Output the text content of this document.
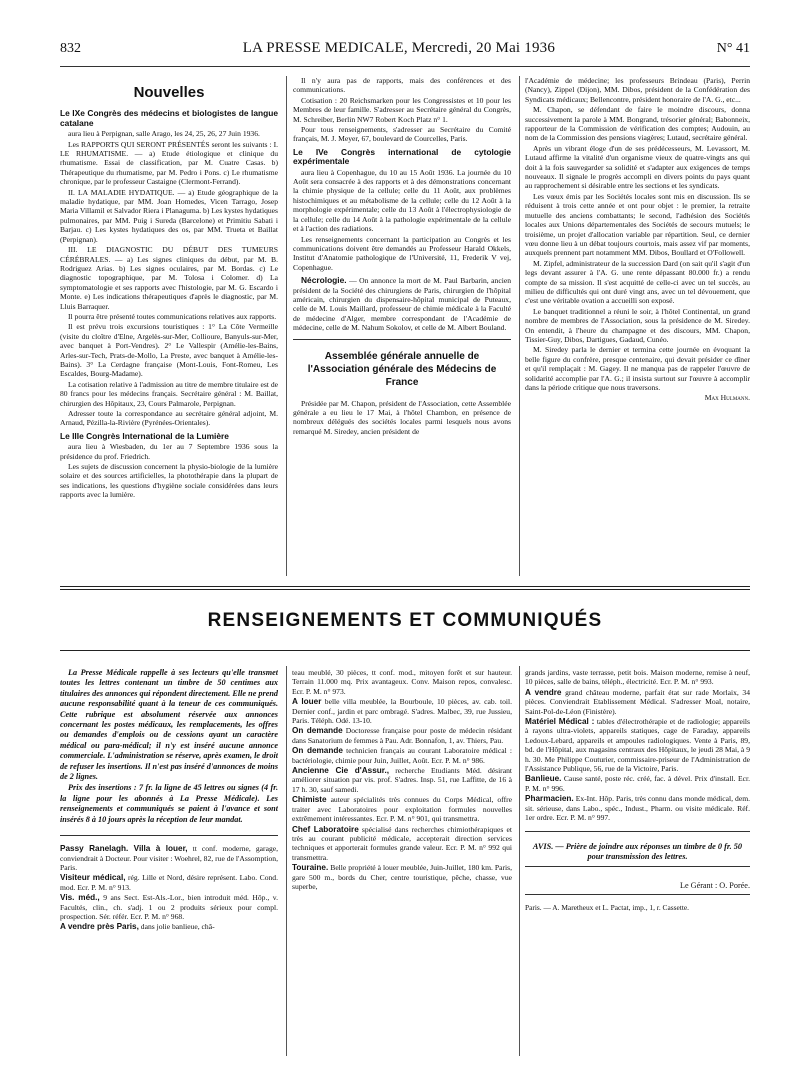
832	LA PRESSE MEDICALE, Mercredi, 20 Mai 1936	N° 41
Nouvelles

Le IXe Congrès des médecins et biologistes de langue catalane

aura lieu à Perpignan, salle Arago, les 24, 25, 26, 27 Juin 1936.

Les RAPPORTS QUI SERONT PRÉSENTÉS seront les suivants : I. LE RHUMATISME. — a) Etude étiologique et clinique du rhumatisme. Essai de classification, par M. Cuatre Casas. b) Thérapeutique du rhumatisme, par M. Pedro i Pons. c) Le rhumatisme chronique, par le professeur Castaigne (Clermont-Ferrand).

II. LA MALADIE HYDATIQUE. — a) Etude géographique de la maladie hydatique, par MM. Joan Homedes, Vicen Tarrago, Josep Maria Villamil et Salvador Riera i Planaguma. b) Les kystes hydatiques pulmonaires, par MM. Puig i Sureda (Barcelone) et Primitiu Sabati i Barjau. c) Les kystes hydatiques des os, par MM. Trueta et Baillat (Perpignan).

III. LE DIAGNOSTIC DU DÉBUT DES TUMEURS CÉRÉBRALES. — a) Les signes cliniques du début, par M. B. Rodriguez Arias. b) Les signes oculaires, par M. Bordas. c) Le diagnostic topographique, par M. Tolosa i Colomer. d) La symptomatologie et ses rapports avec l'histologie, par M. G. Escardo i Monte. e) Les indications thérapeutiques d'après le diagnostic, par M. Lluis Barraquer.

Il pourra être présenté toutes communications relatives aux rapports.

Il est prévu trois excursions touristiques : 1° La Côte Vermeille (visite du cloître d'Elne, Argelès-sur-Mer, Collioure, Banyuls-sur-Mer, avec banquet à Port-Vendres). 2° Le Vallespir (Amélie-les-Bains, Arles-sur-Tech, Prats-de-Mollo, La Preste, avec banquet à Amélie-les-Bains). 3° La Cerdagne française (Mont-Louis, Font-Romeu, Les Escaldes, Bourg-Madame).

La cotisation relative à l'admission au titre de membre titulaire est de 80 francs pour les médecins français. Secrétaire général : M. Baillat, chirurgien des Hôpitaux, 23, Cours Palmarole, Perpignan.

Adresser toute la correspondance au secrétaire général adjoint, M. Arnaud, Pézilla-la-Rivière (Pyrénées-Orientales).

Le IIIe Congrès International de la Lumière

aura lieu à Wiesbaden, du 1er au 7 Septembre 1936 sous la présidence du prof. Friedrich.

Les sujets de discussion concernent la physio-biologie de la lumière solaire et des sources artificielles, la photothérapie dans la plupart de ses indications, les questions d'hygiène sociale considérées dans leurs rapports avec la lumière.

Il n'y aura pas de rapports, mais des conférences et des communications.

Cotisation : 20 Reichsmarken pour les Congressistes et 10 pour les Membres de leur famille. S'adresser au Secrétaire général du Congrès, M. Schreiber, Berlin NW7 Robert Koch Platz n° 1.

Pour tous renseignements, s'adresser au Secrétaire du Comité français, M. J. Meyer, 67, boulevard de Courcelles, Paris.

Le IVe Congrès international de cytologie expérimentale

aura lieu à Copenhague, du 10 au 15 Août 1936. La journée du 10 Août sera consacrée à des rapports et à des démonstrations concernant la chimie physique de la cellule; celle du 11 Août, aux problèmes histochimiques et au métabolisme de la cellule; celle du 12 Août à la morphologie expérimentale; celle du 13 Août à l'électrophysiologie de la cellule; celle du 14 Août à la pathologie expérimentale de la cellule et à l'action des radiations.

Les renseignements concernant la participation au Congrès et les communications doivent être demandés au Professeur Harald Okkels, Institut d'Anatomie pathologique de l'Université, 11, Frederik V vej, Copenhague.

Nécrologie. — On annonce la mort de M. Paul Barbarin, ancien président de la Société des chirurgiens de Paris, chirurgien de l'hôpital américain, chirurgien du dispensaire-hôpital municipal de Puteaux, celle de M. Louis Maillard, professeur de chimie médicale à la Faculté de médecine d'Alger, membre correspondant de l'Académie de médecine, celle de M. Nahum Sokolov, et celle de M. Albert Bouland.

Assemblée générale annuelle de l'Association générale des Médecins de France

Présidée par M. Chapon, président de l'Association, cette Assemblée générale a eu lieu le 17 Mai, à l'hôtel Chambon, en présence de nombreux délégués des sociétés locales parmi lesquels nous avons remarqué M. Siredey, ancien président de

l'Académie de médecine; les professeurs Brindeau (Paris), Perrin (Nancy), Zippel (Dijon), MM. Dibos, président de la Confédération des Syndicats médicaux; Bellencontre, président honoraire de l'A. G., etc...

M. Chapon, se défendant de faire le moindre discours, donna successivement la parole à MM. Bongrand, trésorier général; Babonneix, rapporteur de la Commission de vérification des comptes; Audouin, au nom de la Commission des pensions viagères; Lutaud, secrétaire général.

Après un vibrant éloge d'un de ses prédécesseurs, M. Levassort, M. Lutaud affirme la vitalité d'un organisme vieux de quatre-vingts ans qui doit à la fois sauvegarder sa solidité et s'adapter aux exigences de temps nouveaux. Il signale le progrès accompli en divers points du pays quant au rapprochement si désirable entre les sections et les syndicats.

Les vœux émis par les Sociétés locales sont mis en discussion. Ils se réduisent à trois cette année et ont pour objet : le premier, la retraite mutuelle des anciens combattants; le second, l'adhésion des Sociétés locales aux Unions départementales des Sociétés de secours mutuels; le troisième, un projet d'allocation variable par répartition. Seul, ce dernier vœu donne lieu à un débat toujours courtois, mais assez vif par moments, auxquels prennent part notamment MM. Dibos, Boullard et O'Followell.

M. Zipfel, administrateur de la succession Dard (on sait qu'il s'agit d'un legs devant assurer à l'A. G. une rente dépassant 80.000 fr.) a rendu compte de sa mission. Il s'est acquitté de celle-ci avec un tel succès, au milieu de difficultés qui ont duré vingt ans, avec un tel dévouement, que c'est une véritable ovation a accueilli son exposé.

Le banquet traditionnel a réuni le soir, à l'hôtel Continental, un grand nombre de membres de l'Association, sous la présidence de M. Siredey. On entendit, à l'heure du champagne et des discours, MM. Chapon, Tissier-Guy, Dibos, Dartigues, Gadaud, Cunéo.

M. Siredey parla le dernier et termina cette journée en évoquant la belle figure du confrère, presque centenaire, qui devait présider ce dîner et qu'il remplaçait : M. Gagey. Il ne manqua pas de rappeler l'œuvre de solidarité accomplie par l'A. G.; il insista surtout sur l'œuvre à accomplir dans la période critique que nous traversons.

Max Hulmann.

RENSEIGNEMENTS ET COMMUNIQUÉS

La Presse Médicale rappelle à ses lecteurs qu'elle transmet toutes les lettres contenant un timbre de 50 centimes aux titulaires des annonces qui répondent directement. Elle ne prend aucune responsabilité quant à la teneur de ces communiqués. Cette rubrique est absolument réservée aux annonces concernant les postes médicaux, les remplacements, les offres ou demandes d'emplois ou de cessions ayant un caractère médical ou para-médical; il n'y est inséré aucune annonce commerciale. L'administration se réserve, après examen, le droit de refuser les insertions. Il n'est pas inséré d'annonces de moins de 2 lignes.

Prix des insertions : 7 fr. la ligne de 45 lettres ou signes (4 fr. la ligne pour les abonnés à La Presse Médicale). Les renseignements et communiqués se paient à l'avance et sont insérés 8 à 10 jours après la réception de leur mandat.

Passy Ranelagh. Villa à louer, tt conf. moderne, garage, conviendrait à Docteur. Pour visiter : Woehrel, 82, rue de l'Assomption, Paris.

Visiteur médical, rég. Lille et Nord, désire représent. Labo. Cond. mod. Ecr. P. M. n° 913.

Vis. méd., 9 ans Sect. Est-Als.-Lor., bien introduit méd. Hôp., v. Facultés, clin., ch. s'adj. 1 ou 2 produits sérieux pour compl. prospection. Sér. référ. Ecr. P. M. n° 968.

A vendre près Paris, dans jolie banlieue, châ-

teau meublé, 30 pièces, tt conf. mod., mitoyen forêt et sur hauteur. Terrain 11.000 mq. Prix avantageux. Conv. Maison repos, convalesc. Ecr. P. M. n° 973.

A louer belle villa meublée, la Bourboule, 10 pièces, av. cab. toil. Dernier conf., jardin et parc ombragé. S'adres. Malbec, 39, rue Jussieu, Paris. Téléph. Odé. 13-10.

On demande Doctoresse française pour poste de médecin résidant dans Sanatorium de femmes à Pau. Adr. Bonnafon, 1, av. Thiers, Pau.

On demande technicien français au courant Laboratoire médical : bactériologie, chimie pour Juin, Juillet, Août. Ecr. P. M. n° 986.

Ancienne Cie d'Assur., recherche Etudiants Méd. désirant améliorer situation par vis. prof. S'adres. Insp. 51, rue Laffitte, de 16 à 17 h. 30, sauf samedi.

Chimiste auteur spécialités très connues du Corps Médical, offre traiter avec Laboratoires pour exploitation formules nouvelles extrêmement intéressantes. Ecr. P. M. n° 901, qui transmettra.

Chef Laboratoire spécialisé dans recherches chimiothérapiques et très au courant publicité médicale, accepterait direction services techniques et apporterait formules grande valeur. Ecr. P. M. n° 992 qui transmettra.

Touraine. Belle propriété à louer meublée, Juin-Juillet, 180 km. Paris, gare 500 m., bords du Cher, centre touristique, pêche, chasse, vue superbe,

grands jardins, vaste terrasse, petit bois. Maison moderne, remise à neuf, 10 pièces, salle de bains, téléph., électricité. Ecr. P. M. n° 993.

A vendre grand château moderne, parfait état sur rade Morlaix, 34 pièces. Conviendrait Etablissement Médical. S'adresser Moal, notaire, Saint-Pol-de-Léon (Finistère).

Matériel Médical : tables d'électrothérapie et de radiologie; appareils à rayons ultra-violets, appareils statiques, cage de Faraday, appareils Ledoux-Lebard, appareils et ampoules radiologiques. Vente à Paris, 89, bd. de l'Hôpital, aux magasins centraux des Hôpitaux, le jeudi 28 Mai, à 9 h. 30. Me Philippe Couturier, commissaire-priseur de l'Administration de l'Assistance Publique, 56, rue de la Victoire, Paris.

Banlieue. Cause santé, poste réc. créé, fac. à dével. Prix d'install. Ecr. P. M. n° 996.

Pharmacien. Ex-Int. Hôp. Paris, très connu dans monde médical, dem. sit. sérieuse, dans Labo., spéc., Indust., Pharm. ou visite médicale. Réf. 1er ordre. Ecr. P. M. n° 997.

AVIS. — Prière de joindre aux réponses un timbre de 0 fr. 50 pour transmission des lettres.
Le Gérant : O. Porée.
Paris. — A. Maretheux et L. Pactat, imp., 1, r. Cassette.
